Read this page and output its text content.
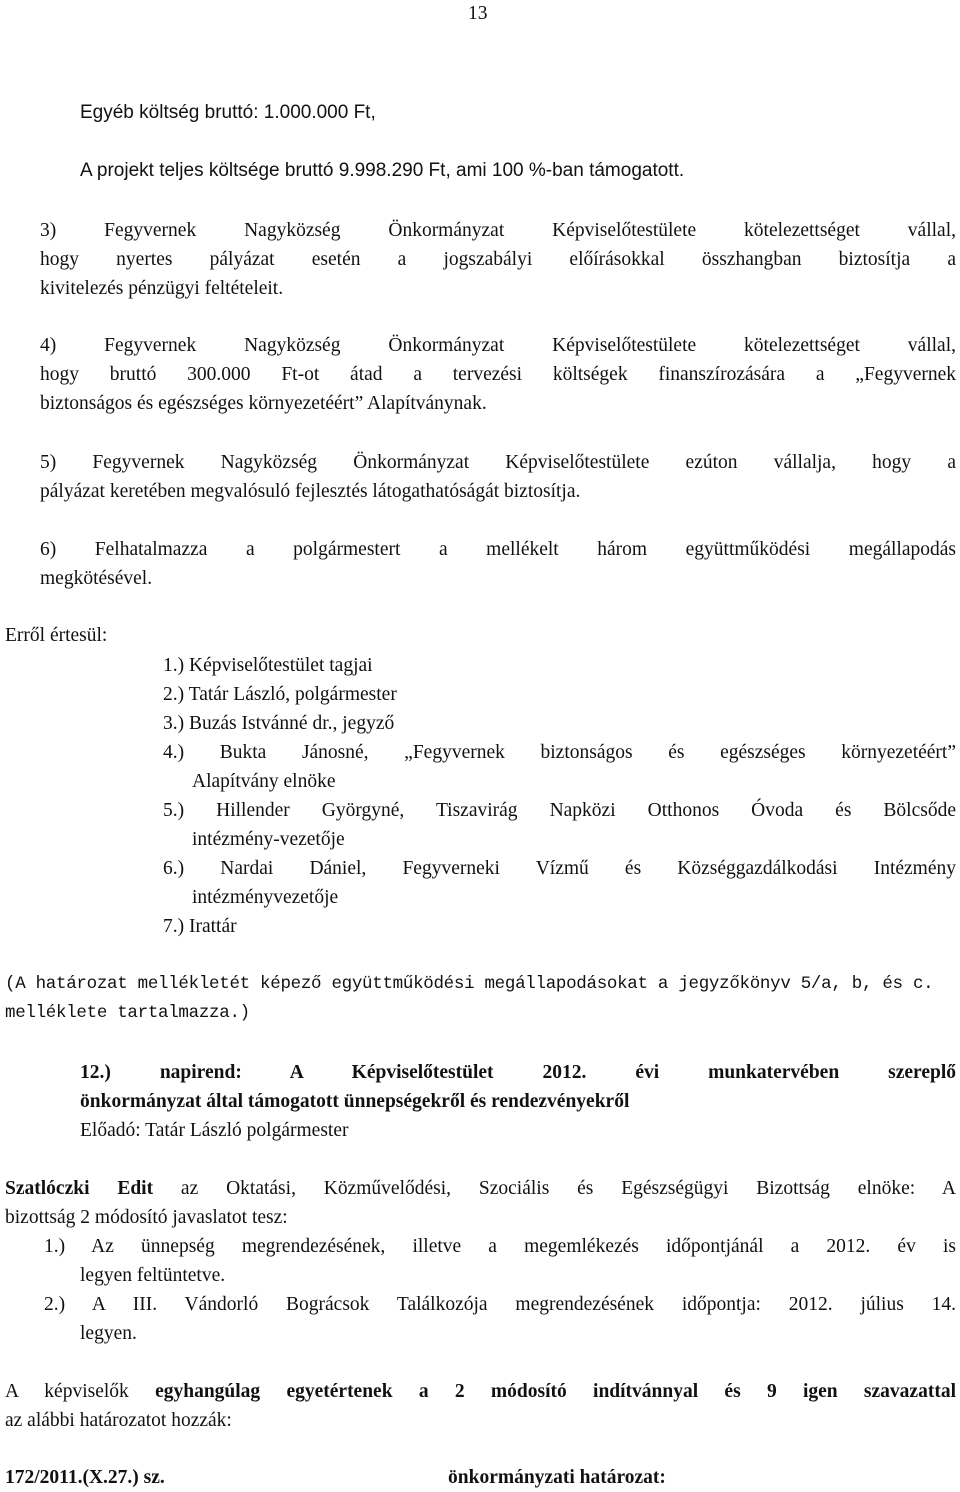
13
Egyéb költség bruttó: 1.000.000 Ft,
A projekt teljes költsége bruttó 9.998.290 Ft, ami 100 %-ban támogatott.
3) Fegyvernek Nagyközség Önkormányzat Képviselőtestülete kötelezettséget vállal,
hogy nyertes pályázat esetén a jogszabályi előírásokkal összhangban biztosítja a
kivitelezés pénzügyi feltételeit.
4) Fegyvernek Nagyközség Önkormányzat Képviselőtestülete kötelezettséget vállal,
hogy bruttó 300.000 Ft-ot átad a tervezési költségek finanszírozására a „Fegyvernek
biztonságos és egészséges környezetéért” Alapítványnak.
5) Fegyvernek Nagyközség Önkormányzat Képviselőtestülete ezúton vállalja, hogy a
pályázat keretében megvalósuló fejlesztés látogathatóságát biztosítja.
6) Felhatalmazza a polgármestert a mellékelt három együttműködési megállapodás
megkötésével.
Erről értesül:
1.) Képviselőtestület tagjai
2.) Tatár László, polgármester
3.) Buzás Istvánné dr., jegyző
4.) Bukta Jánosné, „Fegyvernek biztonságos és egészséges környezetéért”
Alapítvány elnöke
5.) Hillender Györgyné, Tiszavirág Napközi Otthonos Óvoda és Bölcsőde
intézmény-vezetője
6.) Nardai Dániel, Fegyverneki Vízmű és Községgazdálkodási Intézmény
intézményvezetője
7.) Irattár
(A határozat mellékletét képező együttműködési megállapodásokat a jegyzőkönyv 5/a, b, és c.
melléklete tartalmazza.)
12.) napirend: A Képviselőtestület 2012. évi munkatervében szereplő
önkormányzat által támogatott ünnepségekről és rendezvényekről
Előadó: Tatár László polgármester
Szatlóczki Edit az Oktatási, Közművelődési, Szociális és Egészségügyi Bizottság elnöke: A
bizottság 2 módosító javaslatot tesz:
1.) Az ünnepség megrendezésének, illetve a megemlékezés időpontjánál a 2012. év is
legyen feltüntetve.
2.) A III. Vándorló Bográcsok Találkozója megrendezésének időpontja: 2012. július 14.
legyen.
A képviselők egyhangúlag egyetértenek a 2 módosító indítvánnyal és 9 igen szavazattal
az alábbi határozatot hozzák:
172/2011.(X.27.) sz.	önkormányzati határozat:
